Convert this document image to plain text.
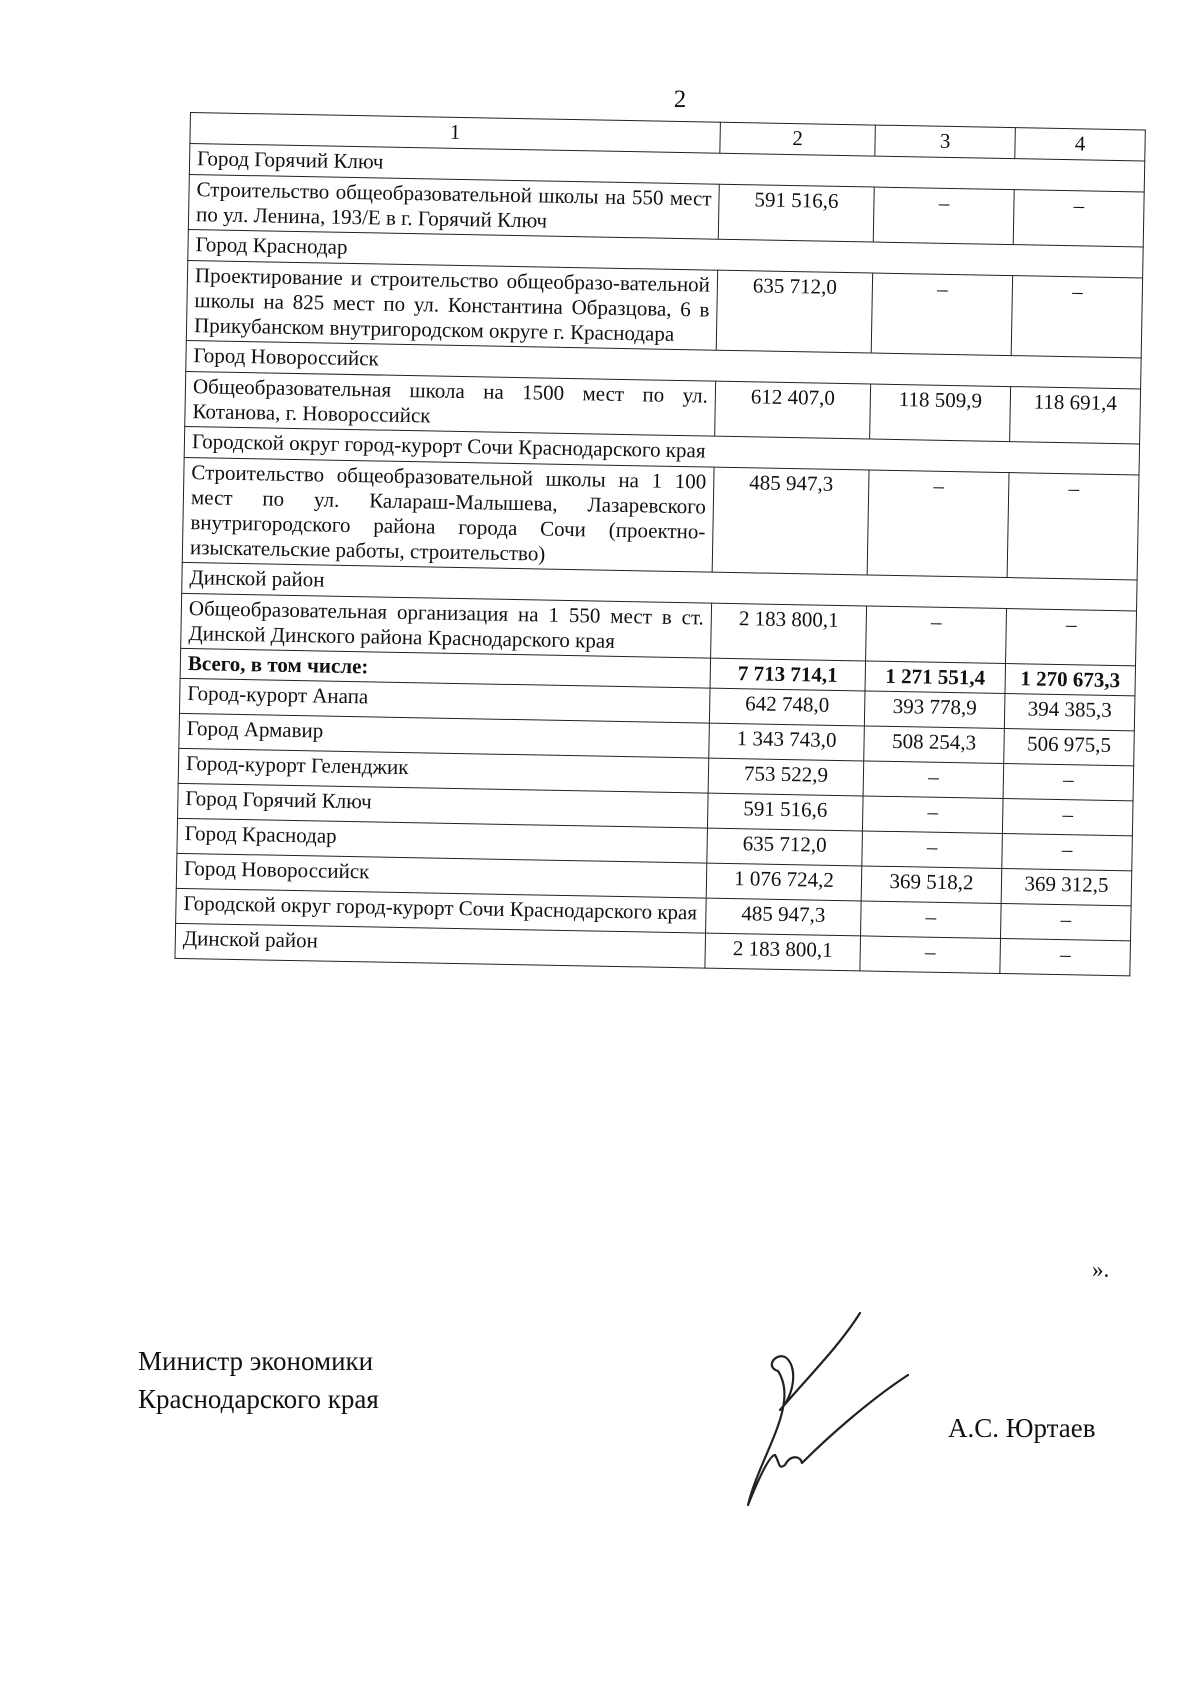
2
1	2	3	4
Город Горячий Ключ			
Строительство общеобразовательной школы на 550 мест по ул. Ленина, 193/Е в г. Горячий Ключ	591 516,6	–	–
Город Краснодар			
Проектирование и строительство общеобразо-вательной школы на 825 мест по ул. Константина Образцова, 6 в Прикубанском внутригородском округе г. Краснодара	635 712,0	–	–
Город Новороссийск			
Общеобразовательная школа на 1500 мест по ул. Котанова, г. Новороссийск	612 407,0	118 509,9	118 691,4
Городской округ город-курорт Сочи Краснодарского края			
Строительство общеобразовательной школы на 1 100 мест по ул. Калараш-Малышева, Лазаревского внутригородского района города Сочи (проектно-изыскательские работы, строительство)	485 947,3	–	–
Динской район			
Общеобразовательная организация на 1 550 мест в ст. Динской Динского района Краснодарского края	2 183 800,1	–	–
Всего, в том числе:	7 713 714,1	1 271 551,4	1 270 673,3
Город-курорт Анапа	642 748,0	393 778,9	394 385,3
Город Армавир	1 343 743,0	508 254,3	506 975,5
Город-курорт Геленджик	753 522,9	–	–
Город Горячий Ключ	591 516,6	–	–
Город Краснодар	635 712,0	–	–
Город Новороссийск	1 076 724,2	369 518,2	369 312,5
Городской округ город-курорт Сочи Краснодарского края	485 947,3	–	–
Динской район	2 183 800,1	–	–
».
Министр экономики
Краснодарского края
А.С. Юртаев
